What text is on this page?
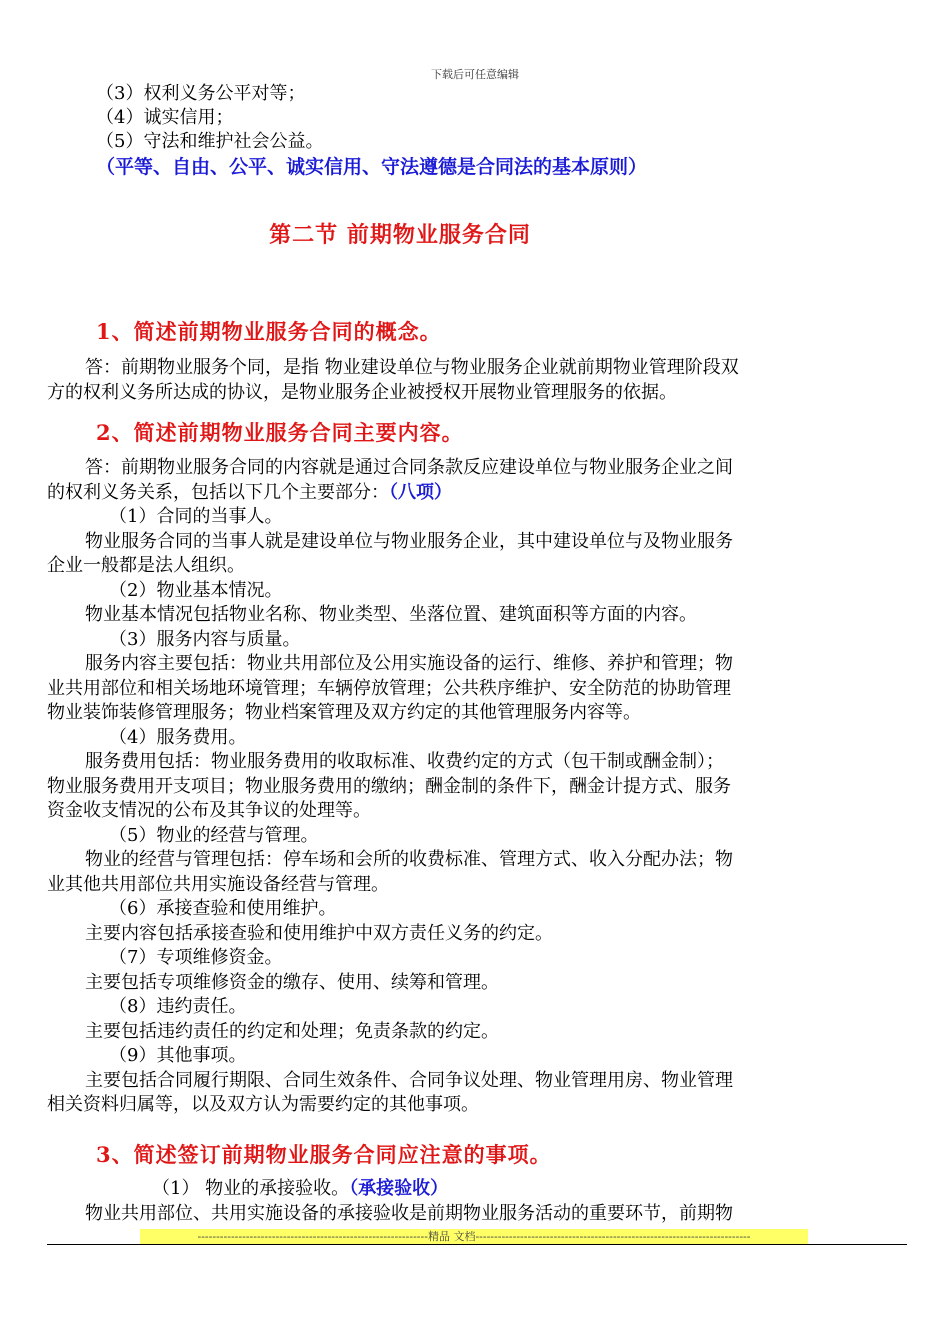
下载后可任意编辑
（3）权利义务公平对等；
（4）诚实信用；
（5）守法和维护社会公益。
（平等、自由、公平、诚实信用、守法遵德是合同法的基本原则）
第二节 前期物业服务合同
1、简述前期物业服务合同的概念。
答：前期物业服务个同，是指 物业建设单位与物业服务企业就前期物业管理阶段双
方的权利义务所达成的协议，是物业服务企业被授权开展物业管理服务的依据。
2、简述前期物业服务合同主要内容。
答：前期物业服务合同的内容就是通过合同条款反应建设单位与物业服务企业之间
的权利义务关系，包括以下几个主要部分：（八项）
（1）合同的当事人。
物业服务合同的当事人就是建设单位与物业服务企业，其中建设单位与及物业服务
企业一般都是法人组织。
（2）物业基本情况。
物业基本情况包括物业名称、物业类型、坐落位置、建筑面积等方面的内容。
（3）服务内容与质量。
服务内容主要包括：物业共用部位及公用实施设备的运行、维修、养护和管理；物
业共用部位和相关场地环境管理；车辆停放管理；公共秩序维护、安全防范的协助管理
物业装饰装修管理服务；物业档案管理及双方约定的其他管理服务内容等。
（4）服务费用。
服务费用包括：物业服务费用的收取标准、收费约定的方式（包干制或酬金制）；
物业服务费用开支项目；物业服务费用的缴纳；酬金制的条件下，酬金计提方式、服务
资金收支情况的公布及其争议的处理等。
（5）物业的经营与管理。
物业的经营与管理包括：停车场和会所的收费标准、管理方式、收入分配办法；物
业其他共用部位共用实施设备经营与管理。
（6）承接查验和使用维护。
主要内容包括承接查验和使用维护中双方责任义务的约定。
（7）专项维修资金。
主要包括专项维修资金的缴存、使用、续筹和管理。
（8）违约责任。
主要包括违约责任的约定和处理；免责条款的约定。
（9）其他事项。
主要包括合同履行期限、合同生效条件、合同争议处理、物业管理用房、物业管理
相关资料归属等，以及双方认为需要约定的其他事项。
3、简述签订前期物业服务合同应注意的事项。
（1） 物业的承接验收。（承接验收）
物业共用部位、共用实施设备的承接验收是前期物业服务活动的重要环节，前期物
--------------------------------------------------------------精品 文档--------------------------------------------------------------------------
